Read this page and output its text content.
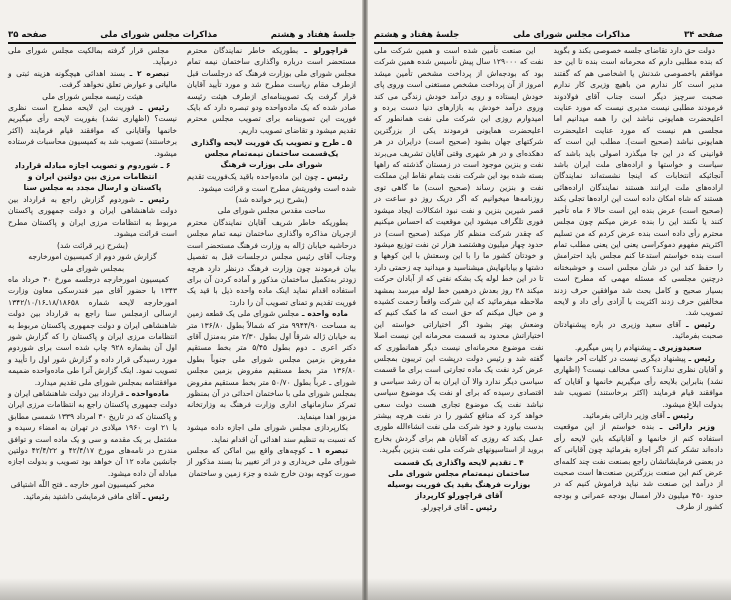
جلسهٔ هفتاد و هشتم
مذاکرات مجلس شورای ملی
صفحه ۳۵
قراچورلو ـ بطوریکه خاطر نمایندگان محترم مستحضر است درباره واگذاری ساختمان نیمه تمام مجلس شورای ملی بوزارت فرهنگ که درجلسات قبل ازطرف مقام ریاست مطرح شد و مورد تأیید آقایان قرار گرفت یک تصویبنامه‌ای ازطرف هیئت رئیسه صادر شده که یک ماده‌واحده ودو تبصره دارد که بایک فوریت این تصویبنامه برای تصویب مجلس محترم تقدیم میشود و تقاضای تصویب داریم.
۵ ـ طرح و تصویب یک فوریت لایحه واگذاری یک‌قسمت ساختمان نیمه‌تمام مجلس شورای ملی بوزارت فرهنگ
رئیس ـ چون این ماده‌واحده باقید یک‌فوریت تقدیم شده است وفوریتش مطرح است و قرائت میشود.
(بشرح زیر خوانده شد)
ساحت مقدس مجلس شورای ملی
بطوریکه خاطر شریف آقایان نمایندگان محترم ازجریان مذاکره واگذاری ساختمان نیمه تمام مجلس درحاشیه خیابان ژاله به وزارت فرهنگ مستحضر است وجناب آقای رئیس مجلس درجلسات قبل به تفصیل بیان فرمودند چون وزارت فرهنگ درنظر دارد هرچه زودتر به‌تکمیل ساختمان مذکور و آماده کردن آن برای استفاده اقدام نماید اینک ماده واحده ذیل با قید یک فوریت تقدیم و تمنای تصویب آن را دارد:
ماده واحده ـ مجلس شورای ملی یک قطعه زمین به مساحت ۹۹۴۴/۹۰ متر که شمالاً بطول ۱۳۶/۸۰ متر به خیابان ژاله شرقاً اول بطول ۲/۳۰ متر به‌منزل آقای دکتر اعری ـ دوم بطول ۵/۴۵ متر بخط مستقیم مفروض بزمین مجلس شورای ملی جنوباً بطول ۱۳۶/۸۰ متر بخط مستقیم مفروض بزمین مجلس شورای ـ غرباً بطول ۵۰/۷۰ متر بخط مستقیم مفروض بمجلس شورای ملی با ساختمان احداثی در آن بمنظور تمرکز سازمانهای اداری وزارت فرهنگ به وزارتخانه مزبور اهدا مینماید.
بکارپردازی مجلس شورای ملی اجازه داده میشود که نسبت به تنظیم سند اهدائی آن اقدام نماید.
تبصره ۱ ـ کوچه‌های واقع بین اماکن که مجلس شورای ملی خریداری و در اثر تغییر بنا بسند مذکور از صورت کوچه بودن خارج شده و جزء زمین و ساختمان
مجلس قرار گرفته بمالکیت مجلس شورای ملی درمیآید.
تبصره ۲ ـ بسند اهدائی هیچگونه هزینه ثبتی و مالیاتی و عوارض تعلق نخواهد گرفت.
هیئت رئیسه مجلس شورای ملی
رئیس ـ فوریت این لایحه مطرح است نظری نیست؟ (اظهاری نشد) بفوریت لایحه رأی میگیریم خانمها وآقایانی که موافقند قیام فرمایند (اکثر برخاستند) تصویب شد به کمیسیون محاسبات فرستاده میشود.
۶ ـ شوردوم و تصویب اجازه مبادله قرارداد انتظامات مرزی بین دولتین ایران و پاکستان و ارسال مجدد به مجلس سنا
رئیس ـ شوردوم گزارش راجع به قرارداد بین دولت شاهنشاهی ایران و دولت جمهوری پاکستان مربوط به انتظامات مرزی ایران و پاکستان مطرح است قرائت میشود.
(بشرح زیر قرائت شد)
گزارش شور دوم از کمیسیون امورخارجه
بمجلس شورای ملی
کمیسیون امورخارجه درجلسه مورخ ۳۰ خرداد ماه ۱۳۴۳ با حضور آقای میر فندرسکی معاون وزارت امورخارجه لایحه شماره ۱۸/۱۸۶۵۸ـ۱۳۴۲/۱۰/۱۶ ارسالی ازمجلس سنا راجع به قرارداد بین دولت شاهنشاهی ایران و دولت جمهوری پاکستان مربوط به انتظامات مرزی ایران و پاکستان را که گزارش شور اول آن بشماره ۹۲۸ چاپ شده است برای شوردوم مورد رسیدگی قرار داده و گزارش شور اول را تأیید و تصویب نمود. اینک گزارش آنرا طی ماده‌واحده ضمیمه موافقتنامه بمجلس شورای ملی تقدیم میدارد.
ماده‌واحده ـ قرارداد بین دولت شاهنشاهی ایران و دولت جمهوری پاکستان راجع به انتظامات مرزی ایران و پاکستان که در تاریخ ۳۰ امرداد ۱۳۳۹ شمسی مطابق با ۲۱ اوت ۱۹۶۰ میلادی در تهران به امضاء رسیده و مشتمل بر یک مقدمه و سی و یک ماده است و توافق مندرج در نامه‌های مورخ ۴۲/۴/۱۷ و ۴۲/۴/۲۲ دولتین جانشین ماده ۱۲ آن خواهد بود تصویب و بدولت اجازه مبادله آن داده میشود.
مخبر کمیسیون امور خارجه ـ فتح اللّه اشتیاقی
رئیس ـ آقای مافی فرمایشی داشتید بفرمائید.
صفحه ۳۴
مذاکرات مجلس شورای ملی
جلسهٔ هفتاد و هشتم
دولت حق دارد تقاضای جلسه خصوصی بکند و بگوید که بنده مطلبی دارم که محرمانه است بنده تا این حد موافقم باخصوصی شدنش یا اشخاصی هم که گفتند مدیر است کار ندارم من باهیچ وزیری کار ندارم صحبت سرچیز دیگر است جناب آقای فولادوند فرمودند مطلبی نیست مدیری نیست که مورد عنایت اعلیحضرت همایونی نباشد این را همه میدانیم اما مجلسی هم نیست که مورد عنایت اعلیحضرت همایونی نباشد (صحیح است). مطلب این است که قوانینی که در این جا میگذرد اصولی باید باشد که سیاست و خواستها و اراده‌های ملت ایران باشد آنجائیکه انتخابات که اینجا نشسته‌اند نمایندگان اراده‌های ملت ایرانند هستند نمایندگان اراده‌هائی هستند که شاه امکان داده است این اراده‌ها تجلی بکند (صحیح است) عرض بنده این است حالا ۶ ماه تأخیر کنند یا نکنند این را بنده عرض میکنم چون مجلس محترم رأی داده است بنده عرض کردم که من تسلیم اکثریتم مفهوم دموکراسی یعنی این یعنی مطلب تمام است بنده خواستم استدعا کنم مجلس باید احترامش را حفظ کند این در شأن مجلس است و خوشبختانه درچنین مجلسی که مسئله مهمی که مطرح است بسیار صحیح و کامل بحث شد موافقین حرف زدند مخالفین حرف زدند اکثریت با آزادی رأی داد و لایحه تصویب شد.
رئیس ـ آقای سعید وزیری در باره پیشنهادتان صحبت بفرمائید.
سعیدوزیری ـ پیشنهادم را پس میگیرم.
رئیس ـ پیشنهاد دیگری نیست در کلیات آخر خانمها و آقایان نظری ندارند؟ کسی مخالف نیست؟ (اظهاری نشد) بنابراین بلایحه رأی میگیریم خانمها و آقایان که موافقند قیام فرمایند (اکثر برخاستند) تصویب شد بدولت ابلاغ میشود.
رئیس ـ آقای وزیر دارائی بفرمائید.
وزیر دارائی ـ بنده خواستم از این موقعیت استفاده کنم از خانمها و آقایانیکه باین لایحه رأی داده‌اند تشکر کنم اگر اجازه بفرمائید چون آقایانی که در بعضی فرمایشاتشان راجع بصنعت نفت چند کلمه‌ای عرض کنم این صنعت بزرگترین صنعت‌ها است صحبت از درآمد این صنعت شد نباید فراموش کنیم که در حدود ۴۵۰ میلیون دلار امسال بودجه عمرانی و بودجه کشور از طرف
این صنعت تأمین شده است و همین شرکت ملی نفت که ۱۲۹۰۰۰ سال پیش تأسیس شده همین شرکت بود که بودجه‌اش از پرداخت مشخص تأمین میشد امروز از آن پرداخت مشخص مستغنی است وروی پای خودش ایستاده و روی درآمد خودش زندگی می کند وروی درآمد خودش به بازارهای دنیا دست برده و امیدوارم روزی این شرکت ملی نفت همانطور که اعلیحضرت همایونی فرمودند یکی از بزرگترین شرکتهای جهان بشود (صحیح است) درایران در هر دهکده‌ای و در هر شهری وقتی آقایان تشریف می‌برند نفت و بنزین موجود است در زمستان گذشته که راهها بسته شده بود این شرکت نفت بتمام نقاط این مملکت نفت و بنزین رساند (صحیح است) ما گاهی توی روزنامه‌ها میخوانیم که اگر دریک روز دو ساعت در قصر شیرین بنزین و نفت نبود اشکالات ایجاد میشود فوری تلگراف میشود این موقعیت که احساس میکنیم که چقدر شرکت منظم کار میکند (صحیح است) در حدود چهار میلیون وهشتصد هزار تن نفت توزیع میشود و خودتان کشور ما را با این وسعتش با این کوهها و دشتها و بیابانهایش میشناسید و میدانید چه زحمتی دارد تا در این خط لوله یک بشکه نفتی که از آبادان حرکت میکند ۲۸ روز بعدش درهمین خط لوله میرسد بمشهد ملاحظه میفرمائید که این شرکت واقعاً زحمت کشیده و من خیال میکنم که حق است که ما کمک کنیم که وضعش بهتر بشود اگر اختیاراتی خواسته این اختیاراتش محدود به قسمت محرمانه این نیست اصلا نفت موضوع محرمانه‌ای نیست دیگر همانطوری که گفته شد و رئیس دولت درپشت این تریبون بمجلس عرض کرد نفت یک ماده تجارتی است برای ما قسمت سیاسی دیگر ندارد والا آن ایران به آن رشد سیاسی و اقتصادی رسیده که برای او نفت یک موضوع سیاسی نباشد نفت یک موضوع تجاری هست دولت سعی خواهد کرد که منافع کشور را در نفت هرچه بیشتر بدست بیاورد و خود شرکت ملی نفت انشاءالله طوری عمل بکند که روزی که آقایان هم برای گردش بخارج بروید از استاسیونهای شرکت ملی نفت بنزین بگیرید.
۴ ـ تقدیم لایحه واگذاری یک قسمت ساختمان نیمه‌تمام مجلس شورای ملی بوزارت فرهنگ بقید یک فوریت بوسیله آقای قراچورلو کارپرداز
رئیس ـ آقای قراچورلو.
